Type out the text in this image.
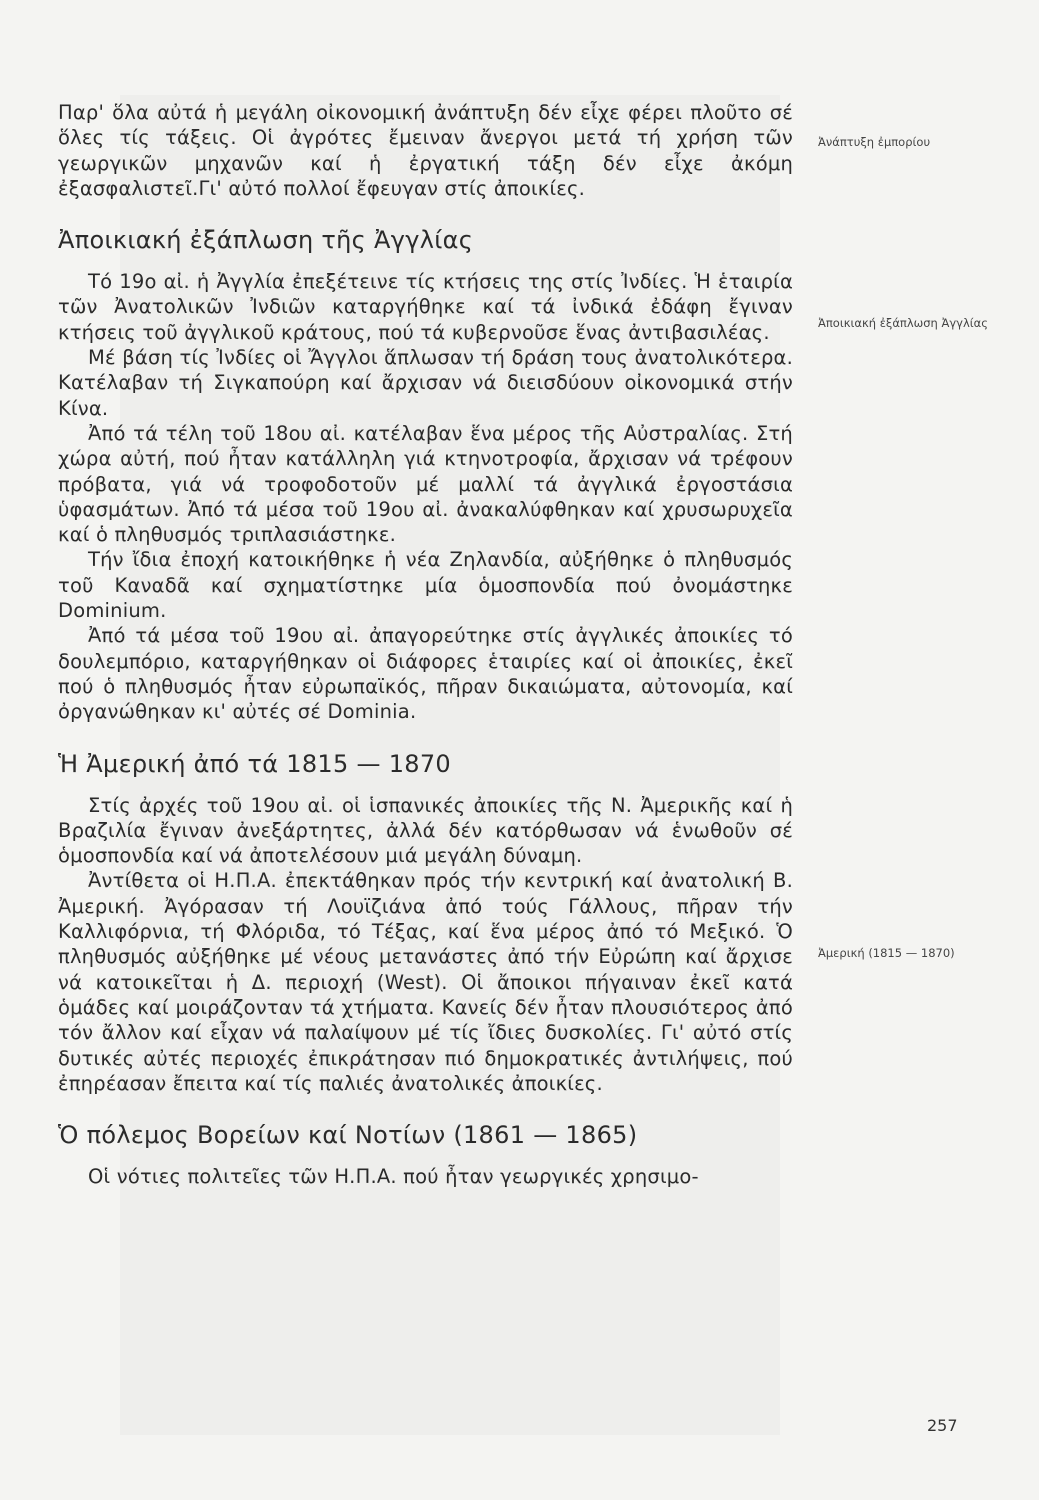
Παρ' ὅλα αὐτά ἡ μεγάλη οἰκονομική ἀνάπτυξη δέν εἶχε φέρει πλοῦτο σέ ὅλες τίς τάξεις. Οἱ ἀγρότες ἔμειναν ἄνεργοι μετά τή χρήση τῶν γεωργικῶν μηχανῶν καί ἡ ἐργατική τάξη δέν εἶχε ἀκόμη ἐξασφαλιστεῖ.Γι' αὐτό πολλοί ἔφευγαν στίς ἀποικίες.

Ἀποικιακή ἐξάπλωση τῆς Ἀγγλίας

Τό 19ο αἰ. ἡ Ἀγγλία ἐπεξέτεινε τίς κτήσεις της στίς Ἰνδίες. Ἡ ἑταιρία τῶν Ἀνατολικῶν Ἰνδιῶν καταργήθηκε καί τά ἰνδικά ἐδάφη ἔγιναν κτήσεις τοῦ ἀγγλικοῦ κράτους, πού τά κυβερνοῦσε ἕνας ἀντιβασιλέας.

Μέ βάση τίς Ἰνδίες οἱ Ἄγγλοι ἅπλωσαν τή δράση τους ἀνατολικότερα. Κατέλαβαν τή Σιγκαπούρη καί ἄρχισαν νά διεισδύουν οἰκονομικά στήν Κίνα.

Ἀπό τά τέλη τοῦ 18ου αἰ. κατέλαβαν ἕνα μέρος τῆς Αὐστραλίας. Στή χώρα αὐτή, πού ἦταν κατάλληλη γιά κτηνοτροφία, ἄρχισαν νά τρέφουν πρόβατα, γιά νά τροφοδοτοῦν μέ μαλλί τά ἀγγλικά ἐργοστάσια ὑφασμάτων. Ἀπό τά μέσα τοῦ 19ου αἰ. ἀνακαλύφθηκαν καί χρυσωρυχεῖα καί ὁ πληθυσμός τριπλασιάστηκε.

Τήν ἴδια ἐποχή κατοικήθηκε ἡ νέα Ζηλανδία, αὐξήθηκε ὁ πληθυσμός τοῦ Καναδᾶ καί σχηματίστηκε μία ὁμοσπονδία πού ὀνομάστηκε Dominium.

Ἀπό τά μέσα τοῦ 19ου αἰ. ἀπαγορεύτηκε στίς ἀγγλικές ἀποικίες τό δουλεμπόριο, καταργήθηκαν οἱ διάφορες ἑταιρίες καί οἱ ἀποικίες, ἐκεῖ πού ὁ πληθυσμός ἦταν εὐρωπαϊκός, πῆραν δικαιώματα, αὐτονομία, καί ὀργανώθηκαν κι' αὐτές σέ Dominia.

Ἡ Ἀμερική ἀπό τά 1815 — 1870

Στίς ἀρχές τοῦ 19ου αἰ. οἱ ἱσπανικές ἀποικίες τῆς Ν. Ἀμερικῆς καί ἡ Βραζιλία ἔγιναν ἀνεξάρτητες, ἀλλά δέν κατόρθωσαν νά ἑνωθοῦν σέ ὁμοσπονδία καί νά ἀποτελέσουν μιά μεγάλη δύναμη.

Ἀντίθετα οἱ Η.Π.Α. ἐπεκτάθηκαν πρός τήν κεντρική καί ἀνατολική Β. Ἀμερική. Ἀγόρασαν τή Λουϊζιάνα ἀπό τούς Γάλλους, πῆραν τήν Καλλιφόρνια, τή Φλόριδα, τό Τέξας, καί ἕνα μέρος ἀπό τό Μεξικό. Ὁ πληθυσμός αὐξήθηκε μέ νέους μετανάστες ἀπό τήν Εὐρώπη καί ἄρχισε νά κατοικεῖται ἡ Δ. περιοχή (West). Οἱ ἄποικοι πήγαιναν ἐκεῖ κατά ὁμάδες καί μοιράζονταν τά χτήματα. Κανείς δέν ἦταν πλουσιότερος ἀπό τόν ἄλλον καί εἶχαν νά παλαίψουν μέ τίς ἴδιες δυσκολίες. Γι' αὐτό στίς δυτικές αὐτές περιοχές ἐπικράτησαν πιό δημοκρατικές ἀντιλήψεις, πού ἐπηρέασαν ἔπειτα καί τίς παλιές ἀνατολικές ἀποικίες.

Ὁ πόλεμος Βορείων καί Νοτίων (1861 — 1865)

Οἱ νότιες πολιτεῖες τῶν Η.Π.Α. πού ἦταν γεωργικές χρησιμο-

Ἀνάπτυξη ἐμπορίου
Ἀποικιακή ἐξάπλωση Ἀγγλίας
Ἀμερική (1815 — 1870)
257
